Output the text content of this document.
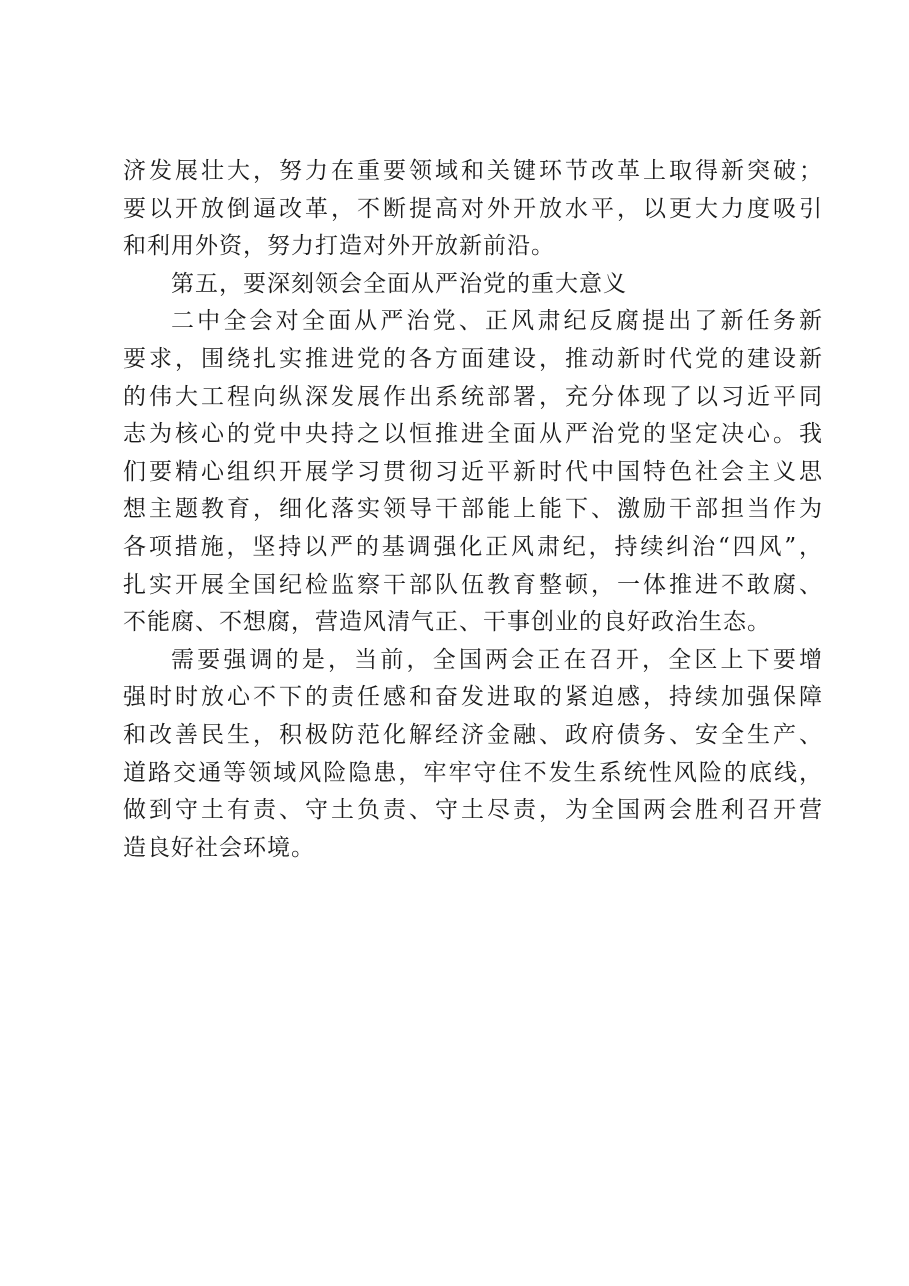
济发展壮大，努力在重要领域和关键环节改革上取得新突破；
要以开放倒逼改革，不断提高对外开放水平，以更大力度吸引
和利用外资，努力打造对外开放新前沿。
第五，要深刻领会全面从严治党的重大意义
二中全会对全面从严治党、正风肃纪反腐提出了新任务新
要求，围绕扎实推进党的各方面建设，推动新时代党的建设新
的伟大工程向纵深发展作出系统部署，充分体现了以习近平同
志为核心的党中央持之以恒推进全面从严治党的坚定决心。我
们要精心组织开展学习贯彻习近平新时代中国特色社会主义思
想主题教育，细化落实领导干部能上能下、激励干部担当作为
各项措施，坚持以严的基调强化正风肃纪，持续纠治“四风”，
扎实开展全国纪检监察干部队伍教育整顿，一体推进不敢腐、
不能腐、不想腐，营造风清气正、干事创业的良好政治生态。
需要强调的是，当前，全国两会正在召开，全区上下要增
强时时放心不下的责任感和奋发进取的紧迫感，持续加强保障
和改善民生，积极防范化解经济金融、政府债务、安全生产、
道路交通等领域风险隐患，牢牢守住不发生系统性风险的底线，
做到守土有责、守土负责、守土尽责，为全国两会胜利召开营
造良好社会环境。
